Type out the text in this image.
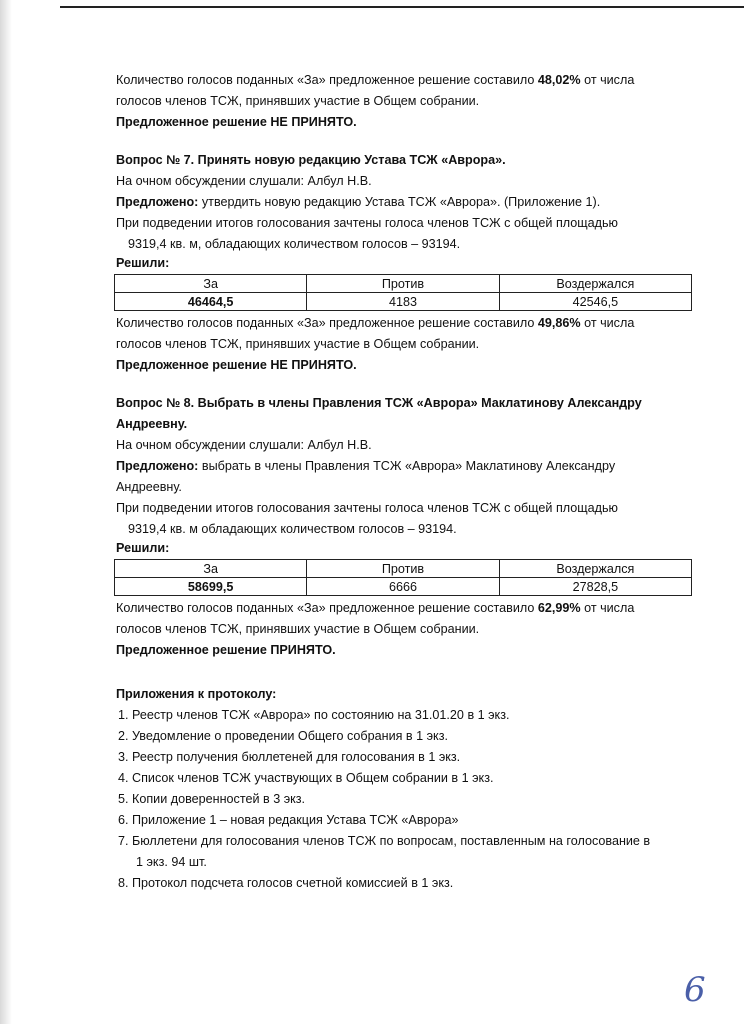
Количество голосов поданных «За» предложенное решение составило 48,02% от числа
голосов членов ТСЖ, принявших участие в Общем собрании.
Предложенное решение НЕ ПРИНЯТО.
Вопрос № 7. Принять новую редакцию Устава ТСЖ «Аврора».
На очном обсуждении слушали: Албул Н.В.
Предложено: утвердить новую редакцию Устава ТСЖ «Аврора». (Приложение 1).
При подведении итогов голосования зачтены голоса членов ТСЖ с общей площадью
9319,4 кв. м, обладающих количеством голосов – 93194.
Решили:
За	Против	Воздержался
46464,5	4183	42546,5
Количество голосов поданных «За» предложенное решение составило 49,86% от числа
голосов членов ТСЖ, принявших участие в Общем собрании.
Предложенное решение НЕ ПРИНЯТО.
Вопрос № 8. Выбрать в члены Правления ТСЖ «Аврора» Маклатинову Александру
Андреевну.
На очном обсуждении слушали: Албул Н.В.
Предложено: выбрать в члены Правления ТСЖ «Аврора» Маклатинову Александру
Андреевну.
При подведении итогов голосования зачтены голоса членов ТСЖ с общей площадью
9319,4 кв. м обладающих количеством голосов – 93194.
Решили:
За	Против	Воздержался
58699,5	6666	27828,5
Количество голосов поданных «За» предложенное решение составило 62,99% от числа
голосов членов ТСЖ, принявших участие в Общем собрании.
Предложенное решение ПРИНЯТО.
Приложения к протоколу:
1. Реестр членов ТСЖ «Аврора» по состоянию на 31.01.20 в 1 экз.
2. Уведомление о проведении Общего собрания в 1 экз.
3. Реестр получения бюллетеней для голосования в 1 экз.
4. Список членов ТСЖ участвующих в Общем собрании в 1 экз.
5. Копии доверенностей в 3 экз.
6. Приложение 1 – новая редакция Устава ТСЖ «Аврора»
7. Бюллетени для голосования членов ТСЖ по вопросам, поставленным на голосование в
1 экз. 94 шт.
8. Протокол подсчета голосов счетной комиссией в 1 экз.
6
